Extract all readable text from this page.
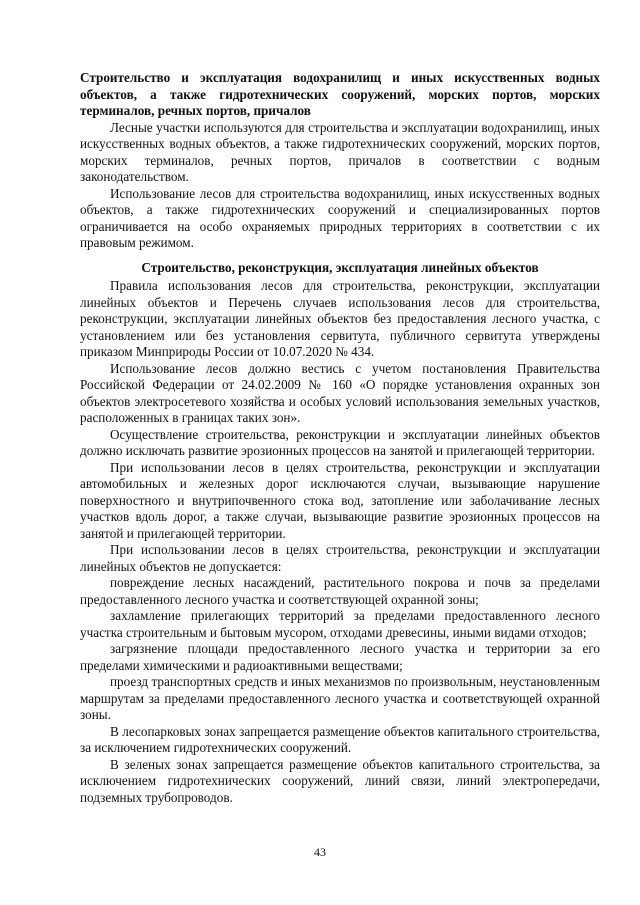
Строительство и эксплуатация водохранилищ и иных искусственных водных объектов, а также гидротехнических сооружений, морских портов, морских терминалов, речных портов, причалов

Лесные участки используются для строительства и эксплуатации водохранилищ, иных искусственных водных объектов, а также гидротехнических сооружений, морских портов, морских терминалов, речных портов, причалов в соответствии с водным законодательством.

Использование лесов для строительства водохранилищ, иных искусственных водных объектов, а также гидротехнических сооружений и специализированных портов ограничивается на особо охраняемых природных территориях в соответствии с их правовым режимом.

Строительство, реконструкция, эксплуатация линейных объектов

Правила использования лесов для строительства, реконструкции, эксплуатации линейных объектов и Перечень случаев использования лесов для строительства, реконструкции, эксплуатации линейных объектов без предоставления лесного участка, с установлением или без установления сервитута, публичного сервитута утверждены приказом Минприроды России от 10.07.2020 № 434.

Использование лесов должно вестись с учетом постановления Правительства Российской Федерации от 24.02.2009 № 160 «О порядке установления охранных зон объектов электросетевого хозяйства и особых условий использования земельных участков, расположенных в границах таких зон».

Осуществление строительства, реконструкции и эксплуатации линейных объектов должно исключать развитие эрозионных процессов на занятой и прилегающей территории.

При использовании лесов в целях строительства, реконструкции и эксплуатации автомобильных и железных дорог исключаются случаи, вызывающие нарушение поверхностного и внутрипочвенного стока вод, затопление или заболачивание лесных участков вдоль дорог, а также случаи, вызывающие развитие эрозионных процессов на занятой и прилегающей территории.

При использовании лесов в целях строительства, реконструкции и эксплуатации линейных объектов не допускается:

повреждение лесных насаждений, растительного покрова и почв за пределами предоставленного лесного участка и соответствующей охранной зоны;

захламление прилегающих территорий за пределами предоставленного лесного участка строительным и бытовым мусором, отходами древесины, иными видами отходов;

загрязнение площади предоставленного лесного участка и территории за его пределами химическими и радиоактивными веществами;

проезд транспортных средств и иных механизмов по произвольным, неустановленным маршрутам за пределами предоставленного лесного участка и соответствующей охранной зоны.

В лесопарковых зонах запрещается размещение объектов капитального строительства, за исключением гидротехнических сооружений.

В зеленых зонах запрещается размещение объектов капитального строительства, за исключением гидротехнических сооружений, линий связи, линий электропередачи, подземных трубопроводов.

43
